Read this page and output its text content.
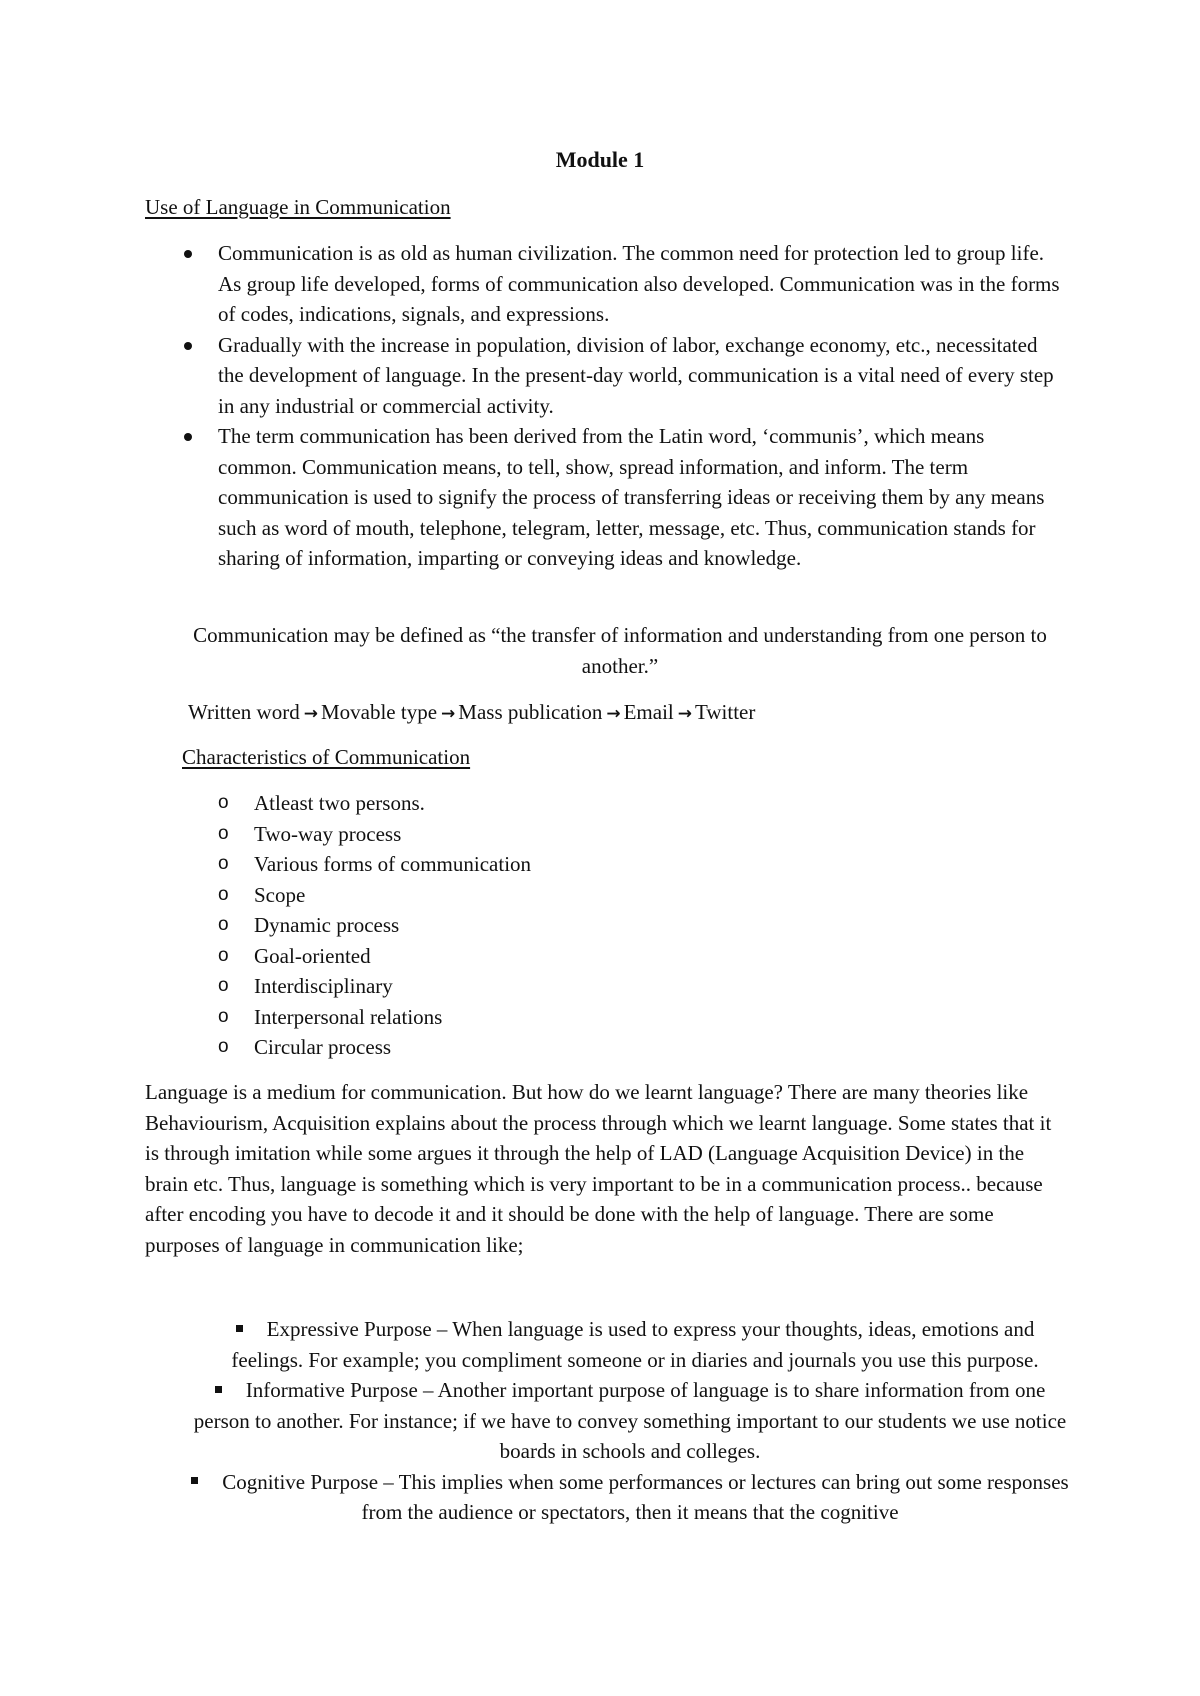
Module 1
Use of Language in Communication
Communication is as old as human civilization. The common need for protection led to group life. As group life developed, forms of communication also developed. Communication was in the forms of codes, indications, signals, and expressions.
Gradually with the increase in population, division of labor, exchange economy, etc., necessitated the development of language. In the present-day world, communication is a vital need of every step in any industrial or commercial activity.
The term communication has been derived from the Latin word, ‘communis’, which means common. Communication means, to tell, show, spread information, and inform. The term communication is used to signify the process of transferring ideas or receiving them by any means such as word of mouth, telephone, telegram, letter, message, etc. Thus, communication stands for sharing of information, imparting or conveying ideas and knowledge.
Communication may be defined as “the transfer of information and understanding from one person to another.”
Written word → Movable type → Mass publication → Email → Twitter
Characteristics of Communication
o Atleast two persons.
o Two-way process
o Various forms of communication
o Scope
o Dynamic process
o Goal-oriented
o Interdisciplinary
o Interpersonal relations
o Circular process
Language is a medium for communication. But how do we learnt language? There are many theories like Behaviourism, Acquisition explains about the process through which we learnt language. Some states that it is through imitation while some argues it through the help of LAD (Language Acquisition Device) in the brain etc. Thus, language is something which is very important to be in a communication process.. because after encoding you have to decode it and it should be done with the help of language. There are some purposes of language in communication like;
Expressive Purpose – When language is used to express your thoughts, ideas, emotions and feelings. For example; you compliment someone or in diaries and journals you use this purpose.
Informative Purpose – Another important purpose of language is to share information from one person to another. For instance; if we have to convey something important to our students we use notice boards in schools and colleges.
Cognitive Purpose – This implies when some performances or lectures can bring out some responses from the audience or spectators, then it means that the cognitive
